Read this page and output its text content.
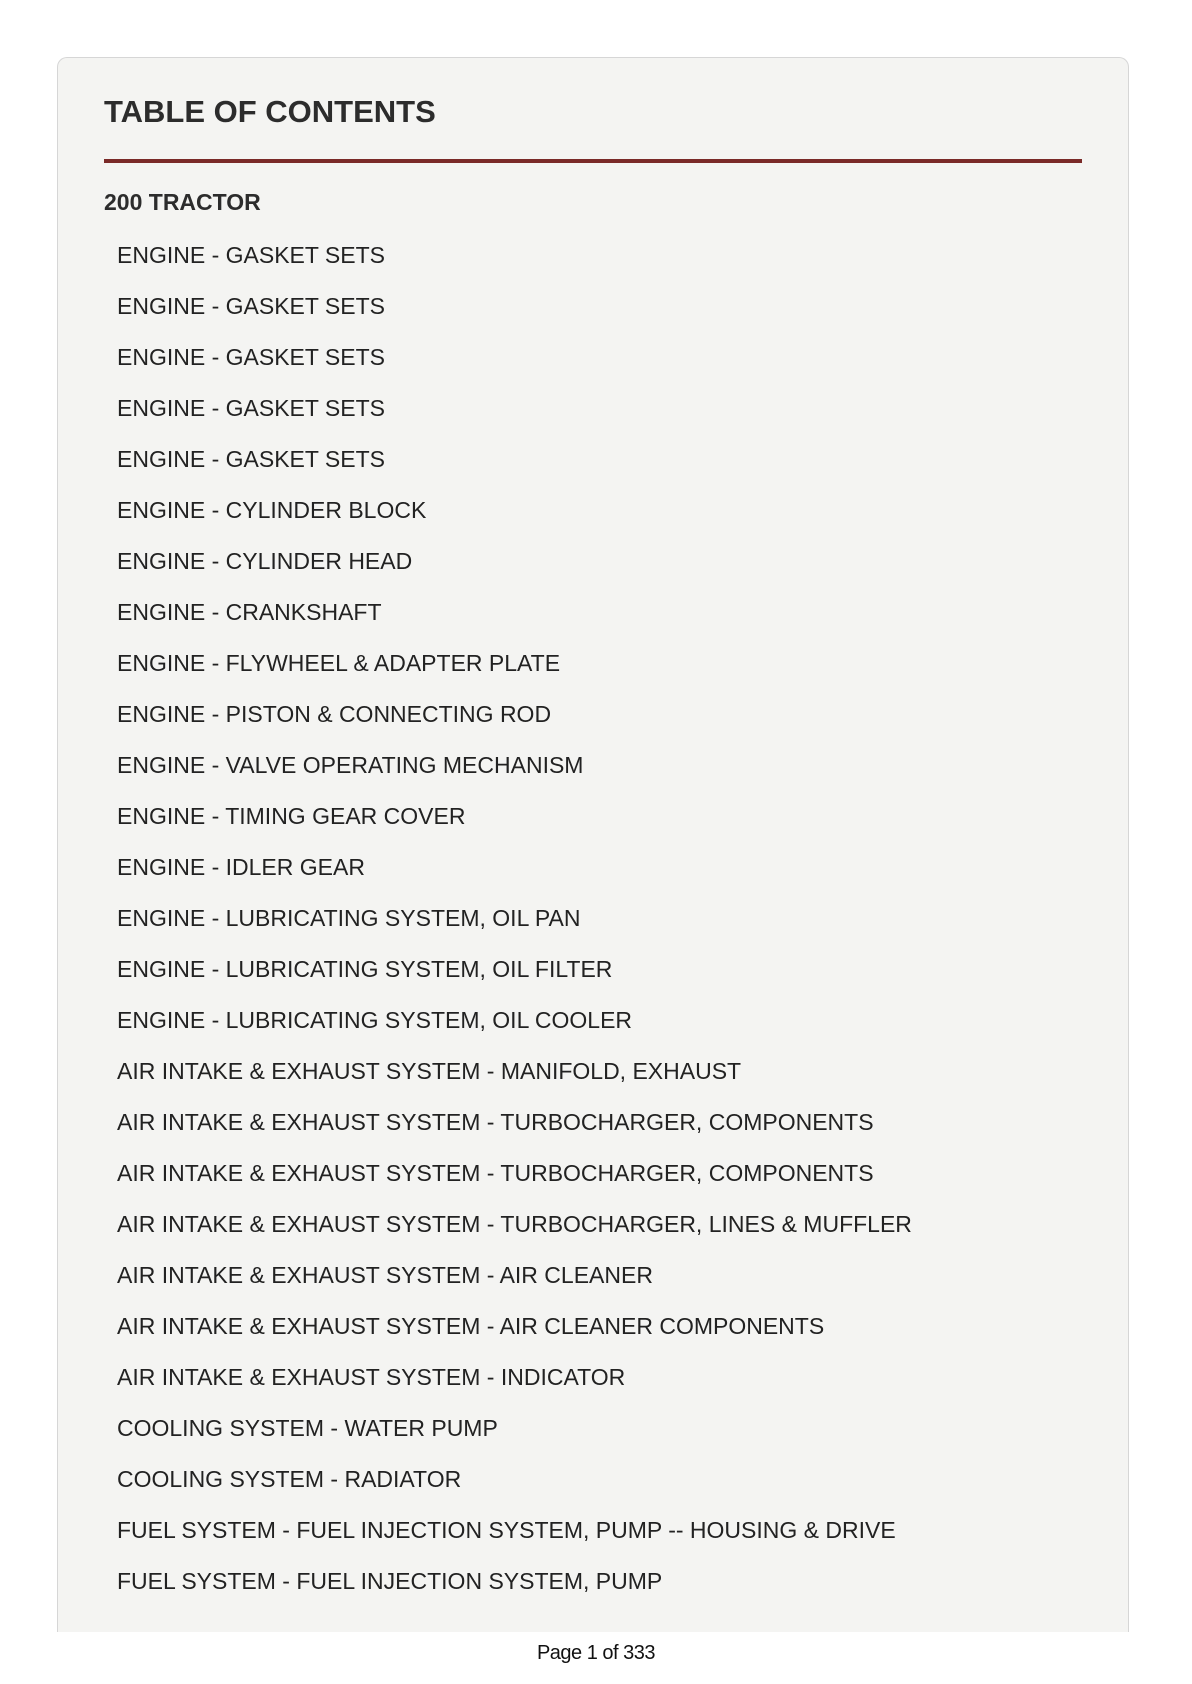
TABLE OF CONTENTS
200 TRACTOR
ENGINE - GASKET SETS
ENGINE - GASKET SETS
ENGINE - GASKET SETS
ENGINE - GASKET SETS
ENGINE - GASKET SETS
ENGINE - CYLINDER BLOCK
ENGINE - CYLINDER HEAD
ENGINE - CRANKSHAFT
ENGINE - FLYWHEEL & ADAPTER PLATE
ENGINE - PISTON & CONNECTING ROD
ENGINE - VALVE OPERATING MECHANISM
ENGINE - TIMING GEAR COVER
ENGINE - IDLER GEAR
ENGINE - LUBRICATING SYSTEM, OIL PAN
ENGINE - LUBRICATING SYSTEM, OIL FILTER
ENGINE - LUBRICATING SYSTEM, OIL COOLER
AIR INTAKE & EXHAUST SYSTEM - MANIFOLD, EXHAUST
AIR INTAKE & EXHAUST SYSTEM - TURBOCHARGER, COMPONENTS
AIR INTAKE & EXHAUST SYSTEM - TURBOCHARGER, COMPONENTS
AIR INTAKE & EXHAUST SYSTEM - TURBOCHARGER, LINES & MUFFLER
AIR INTAKE & EXHAUST SYSTEM - AIR CLEANER
AIR INTAKE & EXHAUST SYSTEM - AIR CLEANER COMPONENTS
AIR INTAKE & EXHAUST SYSTEM - INDICATOR
COOLING SYSTEM - WATER PUMP
COOLING SYSTEM - RADIATOR
FUEL SYSTEM - FUEL INJECTION SYSTEM, PUMP -- HOUSING & DRIVE
FUEL SYSTEM - FUEL INJECTION SYSTEM, PUMP
Page 1 of 333
